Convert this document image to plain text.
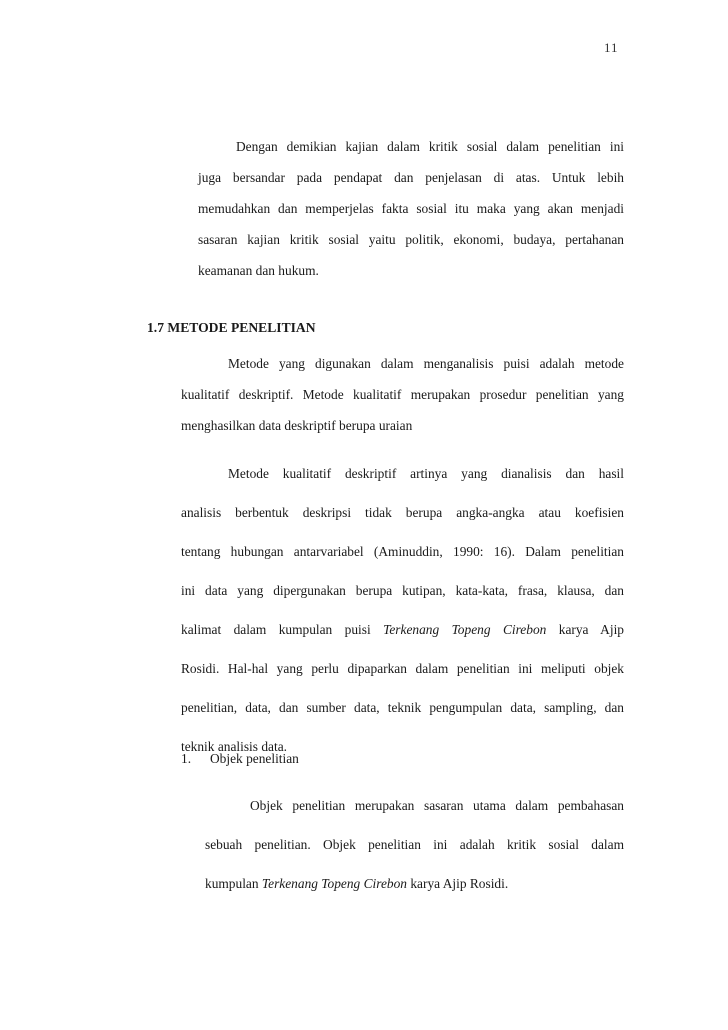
11
Dengan demikian kajian dalam kritik sosial dalam penelitian ini
juga bersandar pada pendapat dan penjelasan di atas. Untuk lebih
memudahkan dan memperjelas fakta sosial itu maka yang akan menjadi
sasaran kajian kritik sosial yaitu politik, ekonomi, budaya, pertahanan
keamanan dan hukum.
1.7 METODE PENELITIAN
Metode yang digunakan dalam menganalisis puisi adalah metode
kualitatif deskriptif. Metode kualitatif merupakan prosedur penelitian yang
menghasilkan data deskriptif berupa uraian
Metode kualitatif deskriptif artinya yang dianalisis dan hasil
analisis berbentuk deskripsi tidak berupa angka-angka atau koefisien
tentang hubungan antarvariabel (Aminuddin, 1990: 16). Dalam penelitian
ini data yang dipergunakan berupa kutipan, kata-kata, frasa, klausa, dan
kalimat dalam kumpulan puisi Terkenang Topeng Cirebon karya Ajip
Rosidi. Hal-hal yang perlu dipaparkan dalam penelitian ini meliputi objek
penelitian, data, dan sumber data, teknik pengumpulan data, sampling, dan
teknik analisis data.
1. Objek penelitian
Objek penelitian merupakan sasaran utama dalam pembahasan
sebuah penelitian. Objek penelitian ini adalah kritik sosial dalam
kumpulan Terkenang Topeng Cirebon karya Ajip Rosidi.
